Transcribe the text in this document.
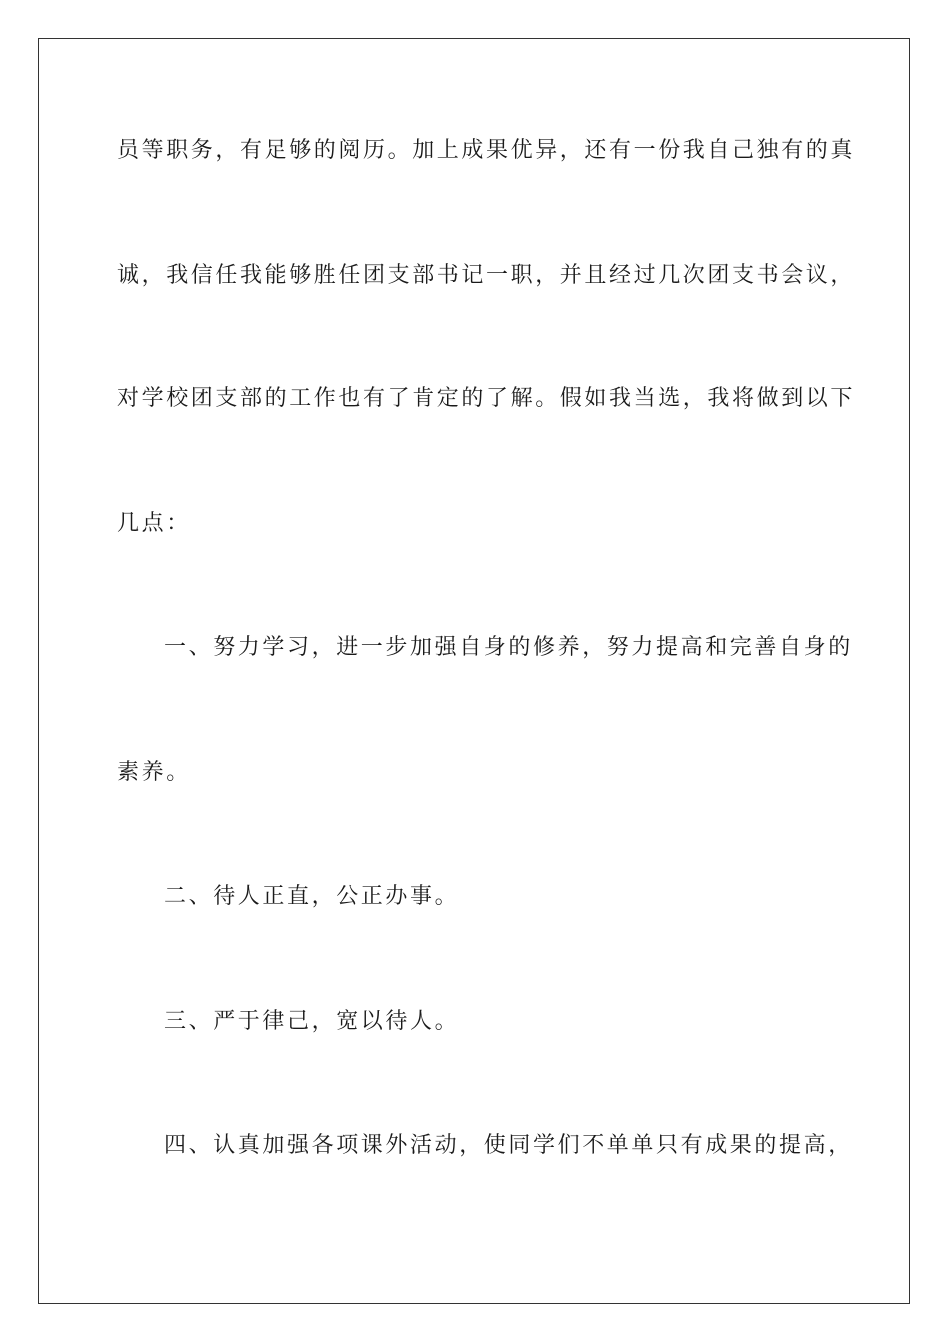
员等职务，有足够的阅历。加上成果优异，还有一份我自己独有的真

诚，我信任我能够胜任团支部书记一职，并且经过几次团支书会议，

对学校团支部的工作也有了肯定的了解。假如我当选，我将做到以下

几点：

一、努力学习，进一步加强自身的修养，努力提高和完善自身的

素养。

二、待人正直，公正办事。

三、严于律己，宽以待人。

四、认真加强各项课外活动，使同学们不单单只有成果的提高，
